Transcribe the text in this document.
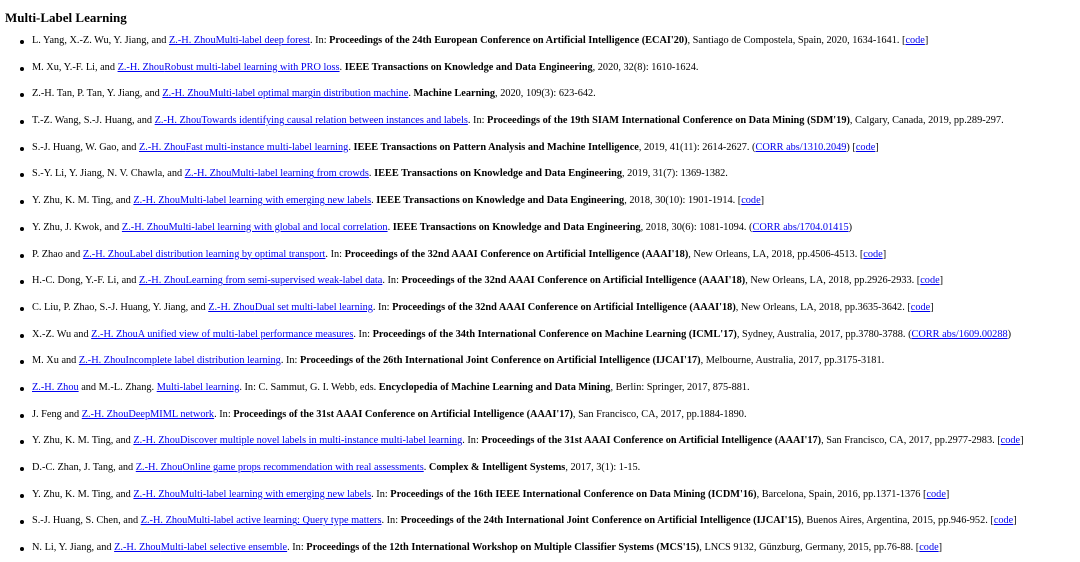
Multi-Label Learning
L. Yang, X.-Z. Wu, Y. Jiang, and Z.-H. ZhouMulti-label deep forest. In: Proceedings of the 24th European Conference on Artificial Intelligence (ECAI'20), Santiago de Compostela, Spain, 2020, 1634-1641. [code]
M. Xu, Y.-F. Li, and Z.-H. ZhouRobust multi-label learning with PRO loss. IEEE Transactions on Knowledge and Data Engineering, 2020, 32(8): 1610-1624.
Z.-H. Tan, P. Tan, Y. Jiang, and Z.-H. ZhouMulti-label optimal margin distribution machine. Machine Learning, 2020, 109(3): 623-642.
T.-Z. Wang, S.-J. Huang, and Z.-H. ZhouTowards identifying causal relation between instances and labels. In: Proceedings of the 19th SIAM International Conference on Data Mining (SDM'19), Calgary, Canada, 2019, pp.289-297.
S.-J. Huang, W. Gao, and Z.-H. ZhouFast multi-instance multi-label learning. IEEE Transactions on Pattern Analysis and Machine Intelligence, 2019, 41(11): 2614-2627. (CORR abs/1310.2049) [code]
S.-Y. Li, Y. Jiang, N. V. Chawla, and Z.-H. ZhouMulti-label learning from crowds. IEEE Transactions on Knowledge and Data Engineering, 2019, 31(7): 1369-1382.
Y. Zhu, K. M. Ting, and Z.-H. ZhouMulti-label learning with emerging new labels. IEEE Transactions on Knowledge and Data Engineering, 2018, 30(10): 1901-1914. [code]
Y. Zhu, J. Kwok, and Z.-H. ZhouMulti-label learning with global and local correlation. IEEE Transactions on Knowledge and Data Engineering, 2018, 30(6): 1081-1094. (CORR abs/1704.01415)
P. Zhao and Z.-H. ZhouLabel distribution learning by optimal transport. In: Proceedings of the 32nd AAAI Conference on Artificial Intelligence (AAAI'18), New Orleans, LA, 2018, pp.4506-4513. [code]
H.-C. Dong, Y.-F. Li, and Z.-H. ZhouLearning from semi-supervised weak-label data. In: Proceedings of the 32nd AAAI Conference on Artificial Intelligence (AAAI'18), New Orleans, LA, 2018, pp.2926-2933. [code]
C. Liu, P. Zhao, S.-J. Huang, Y. Jiang, and Z.-H. ZhouDual set multi-label learning. In: Proceedings of the 32nd AAAI Conference on Artificial Intelligence (AAAI'18), New Orleans, LA, 2018, pp.3635-3642. [code]
X.-Z. Wu and Z.-H. ZhouA unified view of multi-label performance measures. In: Proceedings of the 34th International Conference on Machine Learning (ICML'17), Sydney, Australia, 2017, pp.3780-3788. (CORR abs/1609.00288)
M. Xu and Z.-H. ZhouIncomplete label distribution learning. In: Proceedings of the 26th International Joint Conference on Artificial Intelligence (IJCAI'17), Melbourne, Australia, 2017, pp.3175-3181.
Z.-H. Zhou and M.-L. Zhang. Multi-label learning. In: C. Sammut, G. I. Webb, eds. Encyclopedia of Machine Learning and Data Mining, Berlin: Springer, 2017, 875-881.
J. Feng and Z.-H. ZhouDeepMIML network. In: Proceedings of the 31st AAAI Conference on Artificial Intelligence (AAAI'17), San Francisco, CA, 2017, pp.1884-1890.
Y. Zhu, K. M. Ting, and Z.-H. ZhouDiscover multiple novel labels in multi-instance multi-label learning. In: Proceedings of the 31st AAAI Conference on Artificial Intelligence (AAAI'17), San Francisco, CA, 2017, pp.2977-2983. [code]
D.-C. Zhan, J. Tang, and Z.-H. ZhouOnline game props recommendation with real assessments. Complex & Intelligent Systems, 2017, 3(1): 1-15.
Y. Zhu, K. M. Ting, and Z.-H. ZhouMulti-label learning with emerging new labels. In: Proceedings of the 16th IEEE International Conference on Data Mining (ICDM'16), Barcelona, Spain, 2016, pp.1371-1376 [code]
S.-J. Huang, S. Chen, and Z.-H. ZhouMulti-label active learning: Query type matters. In: Proceedings of the 24th International Joint Conference on Artificial Intelligence (IJCAI'15), Buenos Aires, Argentina, 2015, pp.946-952. [code]
N. Li, Y. Jiang, and Z.-H. ZhouMulti-label selective ensemble. In: Proceedings of the 12th International Workshop on Multiple Classifier Systems (MCS'15), LNCS 9132, Günzburg, Germany, 2015, pp.76-88. [code]
